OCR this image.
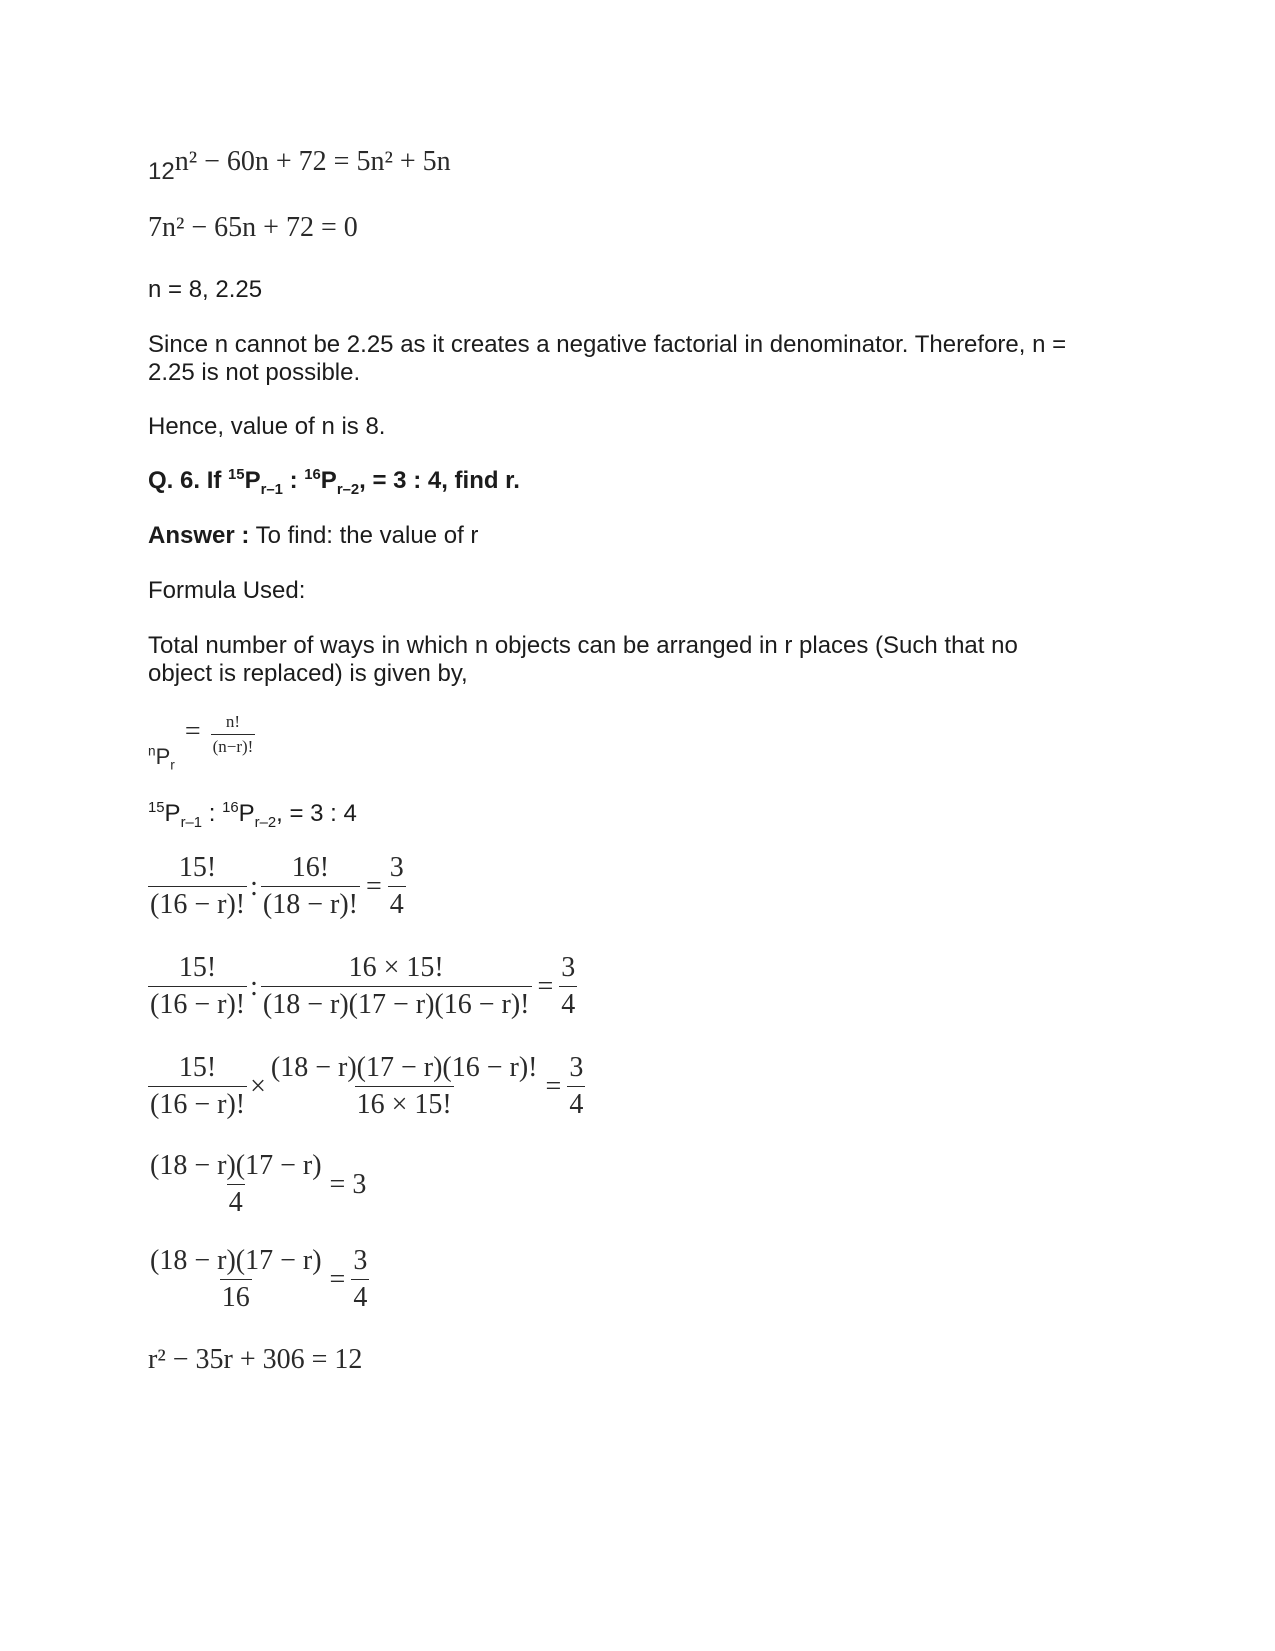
12 n² − 60n + 72 = 5n² + 5n
7n² − 65n + 72 = 0
n = 8, 2.25
Since n cannot be 2.25 as it creates a negative factorial in denominator. Therefore, n = 2.25 is not possible.
Hence, value of n is 8.
Q. 6. If $^{15}P_{r-1}$ : $^{16}P_{r-2}$, = 3 : 4, find r.
Answer : To find: the value of r
Formula Used:
Total number of ways in which n objects can be arranged in r places (Such that no object is replaced) is given by,
$^nP_r$
= $\frac{n!}{(n-r)!}$
$^{15}P_{r-1}$ : $^{16}P_{r-2}$, = 3 : 4
$\frac{15!}{(16 - r)!}$ : $\frac{16!}{(18 - r)!} = \frac{3}{4}$
$\frac{15!}{(16 - r)!}$ : $\frac{16 \times 15!}{(18 - r)(17 - r)(16 - r)!} = \frac{3}{4}$
$\frac{15!}{(16 - r)!} \times \frac{(18 - r)(17 - r)(16 - r)!}{16 \times 15!} = \frac{3}{4}$
$\frac{(18 - r)(17 - r)}{4} = 3$
$\frac{(18 - r)(17 - r)}{16} = \frac{3}{4}$
r² − 35r + 306 = 12
